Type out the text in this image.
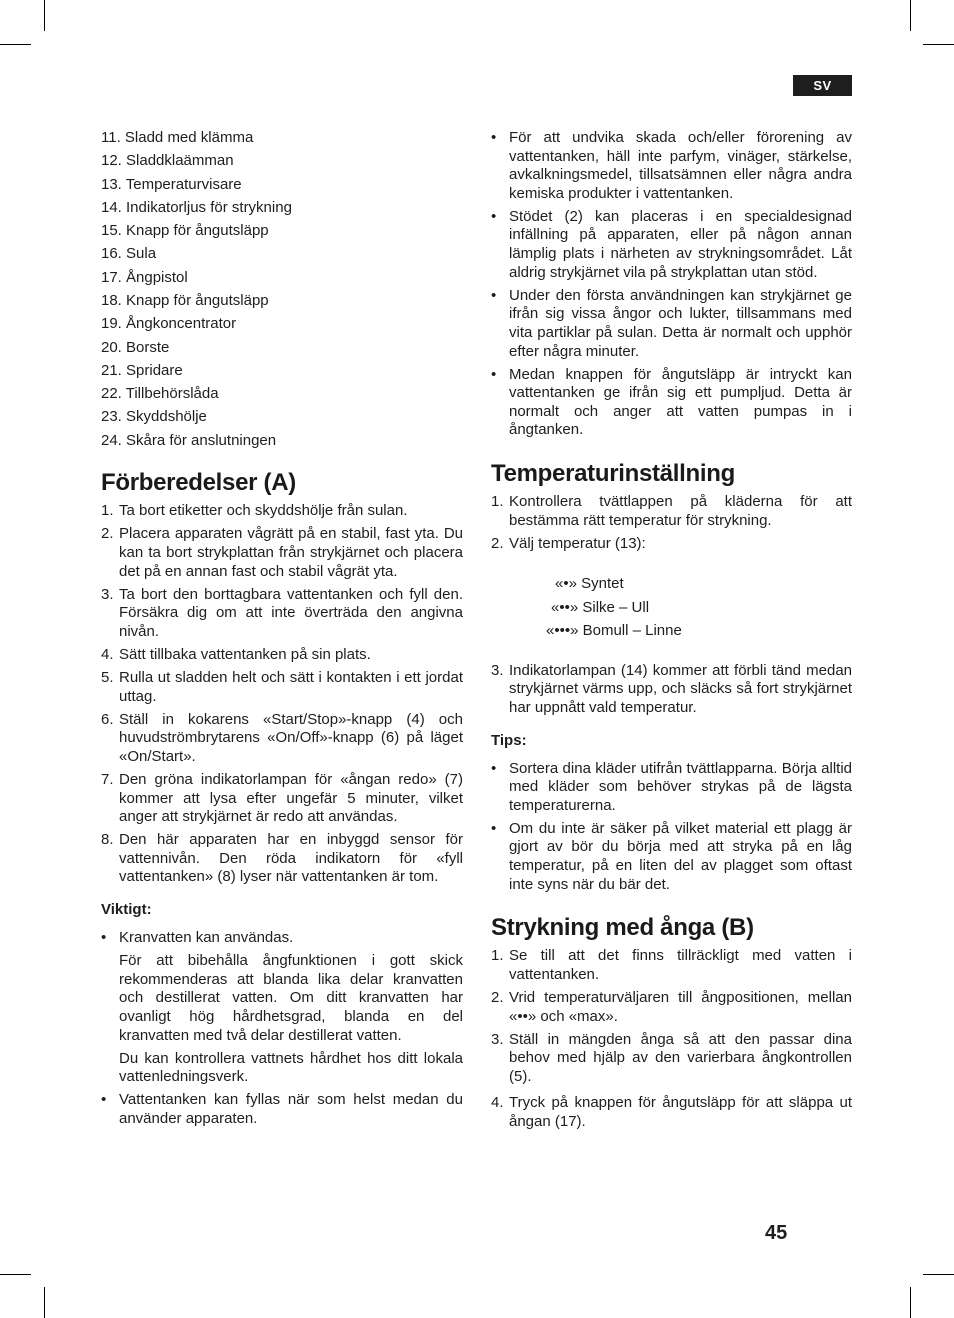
SV
11. Sladd med klämma
12. Sladdklaämman
13. Temperaturvisare
14. Indikatorljus för strykning
15. Knapp för ångutsläpp
16. Sula
17. Ångpistol
18. Knapp för ångutsläpp
19. Ångkoncentrator
20. Borste
21. Spridare
22. Tillbehörslåda
23. Skyddshölje
24. Skåra för anslutningen
Förberedelser (A)
1. Ta bort etiketter och skyddshölje från sulan.
2. Placera apparaten vågrätt på en stabil, fast yta. Du kan ta bort strykplattan från strykjärnet och placera det på en annan fast och stabil vågrät yta.
3. Ta bort den borttagbara vattentanken och fyll den. Försäkra dig om att inte överträda den angivna nivån.
4. Sätt tillbaka vattentanken på sin plats.
5. Rulla ut sladden helt och sätt i kontakten i ett jordat uttag.
6. Ställ in kokarens «Start/Stop»-knapp (4) och huvudströmbrytarens «On/Off»-knapp (6) på läget «On/Start».
7. Den gröna indikatorlampan för «ångan redo» (7) kommer att lysa efter ungefär 5 minuter, vilket anger att strykjärnet är redo att användas.
8. Den här apparaten har en inbyggd sensor för vattennivån. Den röda indikatorn för «fyll vattentanken» (8) lyser när vattentanken är tom.
Viktigt:
• Kranvatten kan användas.
För att bibehålla ångfunktionen i gott skick rekommenderas att blanda lika delar kranvatten och destillerat vatten. Om ditt kranvatten har ovanligt hög hårdhetsgrad, blanda en del kranvatten med två delar destillerat vatten.
Du kan kontrollera vattnets hårdhet hos ditt lokala vattenledningsverk.
• Vattentanken kan fyllas när som helst medan du använder apparaten.
• För att undvika skada och/eller förorening av vattentanken, häll inte parfym, vinäger, stärkelse, avkalkningsmedel, tillsatsämnen eller några andra kemiska produkter i vattentanken.
• Stödet (2) kan placeras i en specialdesignad infällning på apparaten, eller på någon annan lämplig plats i närheten av strykningsområdet. Låt aldrig strykjärnet vila på strykplattan utan stöd.
• Under den första användningen kan strykjärnet ge ifrån sig vissa ångor och lukter, tillsammans med vita partiklar på sulan. Detta är normalt och upphör efter några minuter.
• Medan knappen för ångutsläpp är intryckt kan vattentanken ge ifrån sig ett pumpljud. Detta är normalt och anger att vatten pumpas in i ångtanken.
Temperaturinställning
1. Kontrollera tvättlappen på kläderna för att bestämma rätt temperatur för strykning.
2. Välj temperatur (13):
«•» Syntet
«••» Silke – Ull
«•••» Bomull – Linne
3. Indikatorlampan (14) kommer att förbli tänd medan strykjärnet värms upp, och släcks så fort strykjärnet har uppnått vald temperatur.
Tips:
• Sortera dina kläder utifrån tvättlapparna. Börja alltid med kläder som behöver strykas på de lägsta temperaturerna.
• Om du inte är säker på vilket material ett plagg är gjort av bör du börja med att stryka på en låg temperatur, på en liten del av plagget som oftast inte syns när du bär det.
Strykning med ånga (B)
1. Se till att det finns tillräckligt med vatten i vattentanken.
2. Vrid temperaturväljaren till ångpositionen, mellan «••» och «max».
3. Ställ in mängden ånga så att den passar dina behov med hjälp av den varierbara ångkontrollen (5).
4. Tryck på knappen för ångutsläpp för att släppa ut ångan (17).
45
